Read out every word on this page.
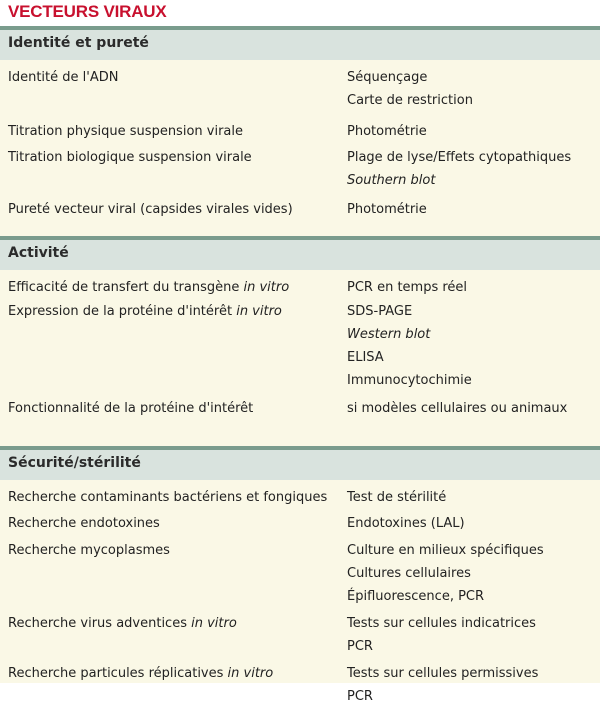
VECTEURS VIRAUX
Identité et pureté
Identité de l'ADN	Séquençage
Carte de restriction
Titration physique suspension virale	Photométrie
Titration biologique suspension virale	Plage de lyse/Effets cytopathiques
Southern blot
Pureté vecteur viral (capsides virales vides)	Photométrie
Activité
Efficacité de transfert du transgène in vitro	PCR en temps réel
Expression de la protéine d'intérêt in vitro	SDS-PAGE
Western blot
ELISA
Immunocytochimie
Fonctionnalité de la protéine d'intérêt	si modèles cellulaires ou animaux
Sécurité/stérilité
Recherche contaminants bactériens et fongiques	Test de stérilité
Recherche endotoxines	Endotoxines (LAL)
Recherche mycoplasmes	Culture en milieux spécifiques
Cultures cellulaires
Épifluorescence, PCR
Recherche virus adventices in vitro	Tests sur cellules indicatrices
PCR
Recherche particules réplicatives in vitro	Tests sur cellules permissives
PCR
